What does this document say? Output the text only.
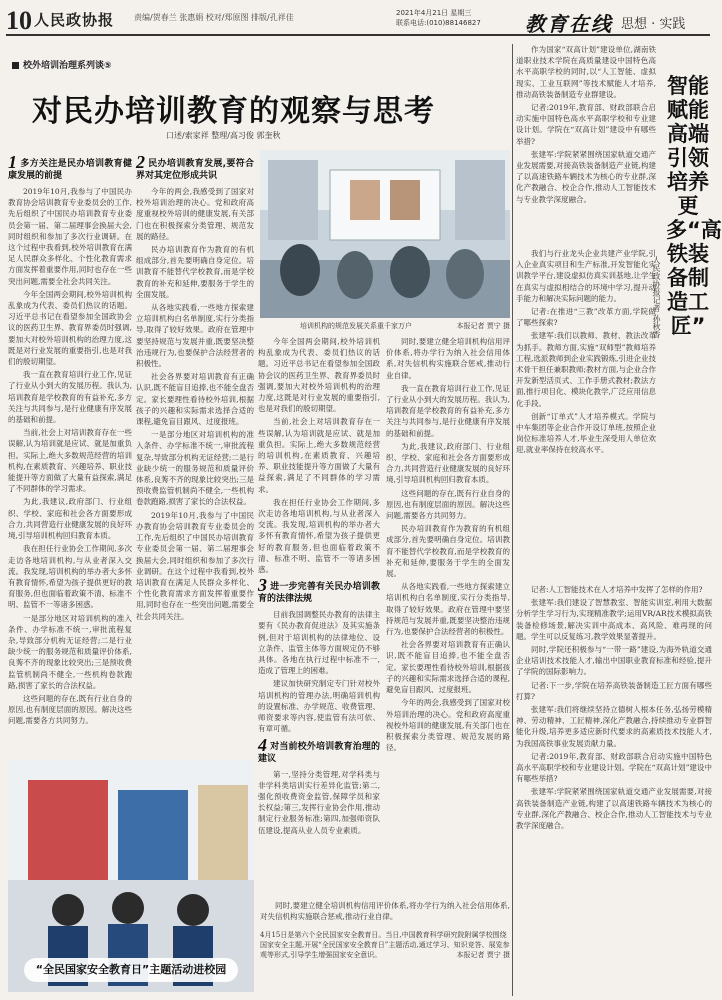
10 人民政协报 责编/贺春兰 张惠娟 校对/郑原图 排版/孔祥佳	2021年4月21日 星期三
联系电话:(010)88146827 教育在线 思想 · 实践
校外培训治理系列谈⑤
对民办培训教育的观察与思考
口述/索家祥 整理/高习俊 郭奎秋
1 多方关注是民办培训教育健康发展的前提

2019年10月,我参与了中国民办教育协会培训教育专业委员会的工作,先后组织了中国民办培训教育专业委员会第一届、第二届理事会换届大会,同时组织和参加了多次行业调研。在这个过程中我看到,校外培训教育在满足人民群众多样化、个性化教育需求方面发挥着重要作用,同时也存在一些突出问题,需要全社会共同关注。

今年全国两会期间,校外培训机构乱象成为代表、委员们热议的话题。习近平总书记在看望参加全国政协会议的医药卫生界、教育界委员时强调,要加大对校外培训机构的治理力度,这既是对行业发展的重要指引,也是对我们的殷切期望。

我一直在教育培训行业工作,见证了行业从小到大的发展历程。我认为,培训教育是学校教育的有益补充,多方关注与共同参与,是行业健康有序发展的基础和前提。

当前,社会上对培训教育存在一些误解,认为培训就是应试、就是加重负担。实际上,绝大多数规范经营的培训机构,在素质教育、兴趣培养、职业技能提升等方面做了大量有益探索,满足了不同群体的学习需求。

为此,我建议,政府部门、行业组织、学校、家庭和社会各方面要形成合力,共同营造行业健康发展的良好环境,引导培训机构回归教育本质。

我在担任行业协会工作期间,多次走访各地培训机构,与从业者深入交流。我发现,培训机构的举办者大多怀有教育情怀,希望为孩子提供更好的教育服务,但也面临着政策不清、标准不明、监管不一等诸多困惑。

一是部分地区对培训机构的准入条件、办学标准不统一,审批流程复杂,导致部分机构无证经营;二是行业缺少统一的服务规范和质量评价体系,良莠不齐的现象比较突出;三是预收费监管机制尚不健全,一些机构卷款跑路,损害了家长的合法权益。

这些问题的存在,既有行业自身的原因,也有制度层面的原因。解决这些问题,需要各方共同努力。

2 民办培训教育发展,要符合界对其定位形成共识

今年的两会,我感受到了国家对校外培训治理的决心。党和政府高度重视校外培训的健康发展,有关部门也在积极探索分类管理、规范发展的路径。

民办培训教育作为教育的有机组成部分,首先要明确自身定位。培训教育不能替代学校教育,而是学校教育的补充和延伸,要服务于学生的全面发展。

从各地实践看,一些地方探索建立培训机构白名单制度,实行分类指导,取得了较好效果。政府在管理中要坚持规范与发展并重,既要坚决整治违规行为,也要保护合法经营者的积极性。

社会各界要对培训教育有正确认识,既不能盲目追捧,也不能全盘否定。家长要理性看待校外培训,根据孩子的兴趣和实际需求选择合适的课程,避免盲目跟风、过度报班。

一是部分地区对培训机构的准入条件、办学标准不统一,审批流程复杂,导致部分机构无证经营;二是行业缺少统一的服务规范和质量评价体系,良莠不齐的现象比较突出;三是预收费监管机制尚不健全,一些机构卷款跑路,损害了家长的合法权益。

2019年10月,我参与了中国民办教育协会培训教育专业委员会的工作,先后组织了中国民办培训教育专业委员会第一届、第二届理事会换届大会,同时组织和参加了多次行业调研。在这个过程中我看到,校外培训教育在满足人民群众多样化、个性化教育需求方面发挥着重要作用,同时也存在一些突出问题,需要全社会共同关注。

培训机构的规范发展关系重千家万户	本报记者 贾宁 摄

今年全国两会期间,校外培训机构乱象成为代表、委员们热议的话题。习近平总书记在看望参加全国政协会议的医药卫生界、教育界委员时强调,要加大对校外培训机构的治理力度,这既是对行业发展的重要指引,也是对我们的殷切期望。

当前,社会上对培训教育存在一些误解,认为培训就是应试、就是加重负担。实际上,绝大多数规范经营的培训机构,在素质教育、兴趣培养、职业技能提升等方面做了大量有益探索,满足了不同群体的学习需求。

我在担任行业协会工作期间,多次走访各地培训机构,与从业者深入交流。我发现,培训机构的举办者大多怀有教育情怀,希望为孩子提供更好的教育服务,但也面临着政策不清、标准不明、监管不一等诸多困惑。

3 进一步完善有关民办培训教育的法律法规

目前我国调整民办教育的法律主要有《民办教育促进法》及其实施条例,但对于培训机构的法律地位、设立条件、监管主体等方面规定仍不够具体。各地在执行过程中标准不一,造成了管理上的困难。

建议加快研究制定专门针对校外培训机构的管理办法,明确培训机构的设置标准、办学规范、收费管理、师资要求等内容,使监管有法可依、有章可循。

4 对当前校外培训教育治理的建议

第一,坚持分类管理,对学科类与非学科类培训实行差异化监管;第二,强化预收费资金监管,保障学员和家长权益;第三,发挥行业协会作用,推动制定行业服务标准;第四,加强师资队伍建设,提高从业人员专业素质。

同时,要建立健全培训机构信用评价体系,将办学行为纳入社会信用体系,对失信机构实施联合惩戒,推动行业自律。

我一直在教育培训行业工作,见证了行业从小到大的发展历程。我认为,培训教育是学校教育的有益补充,多方关注与共同参与,是行业健康有序发展的基础和前提。

为此,我建议,政府部门、行业组织、学校、家庭和社会各方面要形成合力,共同营造行业健康发展的良好环境,引导培训机构回归教育本质。

这些问题的存在,既有行业自身的原因,也有制度层面的原因。解决这些问题,需要各方共同努力。

民办培训教育作为教育的有机组成部分,首先要明确自身定位。培训教育不能替代学校教育,而是学校教育的补充和延伸,要服务于学生的全面发展。

从各地实践看,一些地方探索建立培训机构白名单制度,实行分类指导,取得了较好效果。政府在管理中要坚持规范与发展并重,既要坚决整治违规行为,也要保护合法经营者的积极性。

社会各界要对培训教育有正确认识,既不能盲目追捧,也不能全盘否定。家长要理性看待校外培训,根据孩子的兴趣和实际需求选择合适的课程,避免盲目跟风、过度报班。

今年的两会,我感受到了国家对校外培训治理的决心。党和政府高度重视校外培训的健康发展,有关部门也在积极探索分类管理、规范发展的路径。

“全民国家安全教育日”主题活动进校园
4月15日是第六个全民国家安全教育日。当日,中国教育科学研究院附属学校围绕国家安全主题,开展“全民国家安全教育日”主题活动,通过学习、知识竞答、展览参观等形式,引导学生增强国家安全意识。	本报记者 贾宁 摄

同时,要建立健全培训机构信用评价体系,将办学行为纳入社会信用体系,对失信机构实施联合惩戒,推动行业自律。

作为国家“双高计划”建设单位,湖南铁道职业技术学院在高质量建设中国特色高水平高职学校的同时,以“人工智能、虚拟现实、工业互联网”等技术赋能人才培养,推动高铁装备制造专业群建设。

记者:2019年,教育部、财政部联合启动实施中国特色高水平高职学校和专业建设计划。学院在“双高计划”建设中有哪些举措?

张建军:学院紧紧围绕国家轨道交通产业发展需要,对接高铁装备制造产业链,构建了以高速铁路车辆技术为核心的专业群,深化产教融合、校企合作,推动人工智能技术与专业教学深度融合。

智能赋能高端引领培养更多“高铁装备制造工匠”
人民政协报记者 孙秋香

我们与行业龙头企业共建产业学院,引入企业真实项目和生产标准,开发智能化实训教学平台,建设虚拟仿真实训基地,让学生在真实与虚拟相结合的环境中学习,提升动手能力和解决实际问题的能力。

记者:在推进“三教”改革方面,学院做了哪些探索?

张建军:我们以教师、教材、教法改革为抓手。教师方面,实施“双师型”教师培养工程,选派教师到企业实践锻炼,引进企业技术骨干担任兼职教师;教材方面,与企业合作开发新型活页式、工作手册式教材;教法方面,推行项目化、模块化教学,广泛应用信息化手段。

创新“订单式”人才培养模式。学院与中车集团等企业合作开设订单班,按照企业岗位标准培养人才,毕业生深受用人单位欢迎,就业率保持在较高水平。

记者:人工智能技术在人才培养中发挥了怎样的作用?

张建军:我们建设了智慧教室、智能实训室,利用大数据分析学生学习行为,实现精准教学;运用VR/AR技术模拟高铁装备检修场景,解决实训中高成本、高风险、难再现的问题。学生可以反复练习,教学效果显著提升。

同时,学院还积极参与“一带一路”建设,为海外轨道交通企业培训技术技能人才,输出中国职业教育标准和经验,提升了学院的国际影响力。

记者:下一步,学院在培养高铁装备制造工匠方面有哪些打算?

张建军:我们将继续坚持立德树人根本任务,弘扬劳模精神、劳动精神、工匠精神,深化产教融合,持续推动专业群智能化升级,培养更多适应新时代要求的高素质技术技能人才,为我国高铁事业发展贡献力量。

记者:2019年,教育部、财政部联合启动实施中国特色高水平高职学校和专业建设计划。学院在“双高计划”建设中有哪些举措?

张建军:学院紧紧围绕国家轨道交通产业发展需要,对接高铁装备制造产业链,构建了以高速铁路车辆技术为核心的专业群,深化产教融合、校企合作,推动人工智能技术与专业教学深度融合。
